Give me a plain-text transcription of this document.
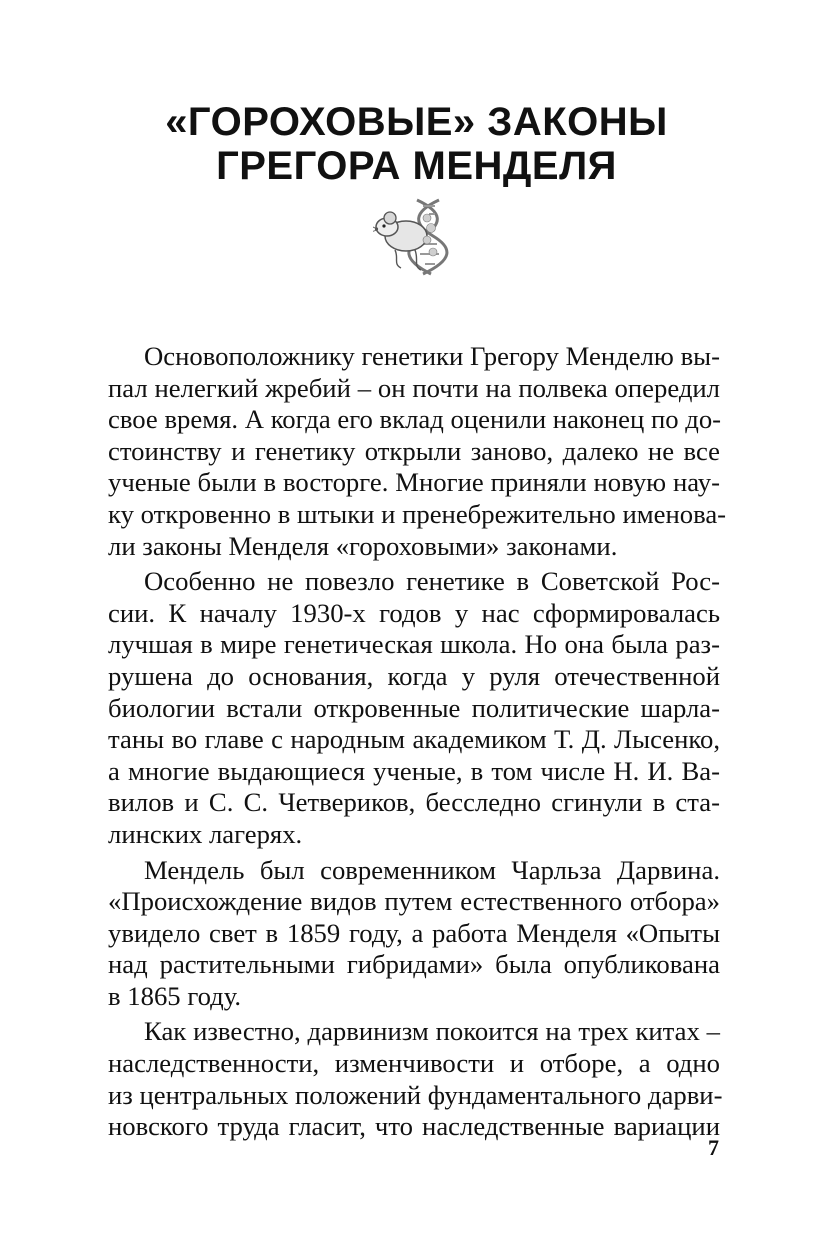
«ГОРОХОВЫЕ» ЗАКОНЫ
ГРЕГОРА МЕНДЕЛЯ
Основоположнику генетики Грегору Менделю вы-
пал нелегкий жребий – он почти на полвека опередил
свое время. А когда его вклад оценили наконец по до-
стоинству и генетику открыли заново, далеко не все
ученые были в восторге. Многие приняли новую нау-
ку откровенно в штыки и пренебрежительно именова-
ли законы Менделя «гороховыми» законами.
Особенно не повезло генетике в Советской Рос-
сии. К началу 1930-х годов у нас сформировалась
лучшая в мире генетическая школа. Но она была раз-
рушена до основания, когда у руля отечественной
биологии встали откровенные политические шарла-
таны во главе с народным академиком Т. Д. Лысенко,
а многие выдающиеся ученые, в том числе Н. И. Ва-
вилов и С. С. Четвериков, бесследно сгинули в ста-
линских лагерях.
Мендель был современником Чарльза Дарвина.
«Происхождение видов путем естественного отбора»
увидело свет в 1859 году, а работа Менделя «Опыты
над растительными гибридами» была опубликована
в 1865 году.
Как известно, дарвинизм покоится на трех китах –
наследственности, изменчивости и отборе, а одно
из центральных положений фундаментального дарви-
новского труда гласит, что наследственные вариации
7
